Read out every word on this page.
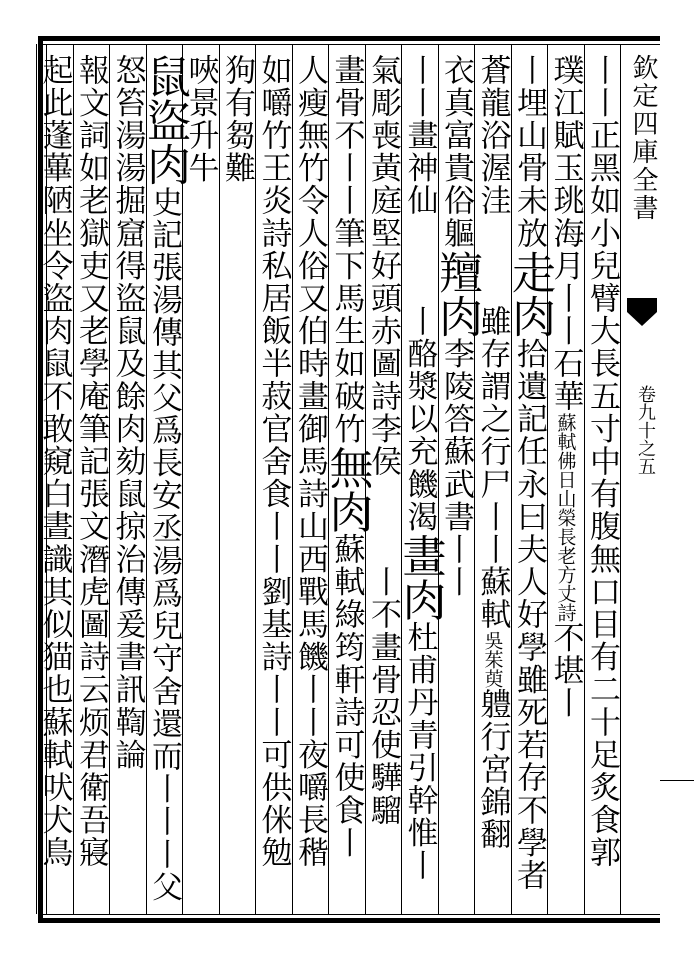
丨丨正黑如小兒臂大長五寸中有腹無口目有二十足炙食郭
璞江賦玉珧海月丨丨石華蘇軾佛日山榮長老方丈詩不堪丨
丨埋山骨未放走肉拾遺記任永曰夫人好學雖死若存不學者
蒼龍浴渥洼　　雖存謂之行尸丨丨蘇軾吳茱萸軆行宮錦翻
衣真富貴俗軀羶肉李陵答蘇武書丨丨
丨丨畫神仙　　丨酪漿以充饑渴畫肉杜甫丹青引幹惟丨
氣彫喪黃庭堅好頭赤圖詩李侯　　丨不畫骨忍使驊騮
畫骨不丨丨筆下馬生如破竹無肉蘇軾綠筠軒詩可使食丨
人瘦無竹令人俗又伯時畫御馬詩山西戰馬饑丨丨夜嚼長稭
如嚼竹王炎詩私居飯半菽官舍食丨丨劉基詩丨丨可供侎勉
狗有芻難
唊景升牛
鼠盜肉史記張湯傳其父爲長安丞湯爲兒守舍還而丨丨丨父
怒笞湯湯掘窟得盜鼠及餘肉劾鼠掠治傳爰書訊鞫論
報文詞如老獄吏又老學庵筆記張文潛虎圖詩云烦君衛吾寢
起此蓬蓽陋坐令盜肉鼠不敢窺白晝識其似猫也蘇軾吠犬鳥	欽定四庫全書
卷九十之五
